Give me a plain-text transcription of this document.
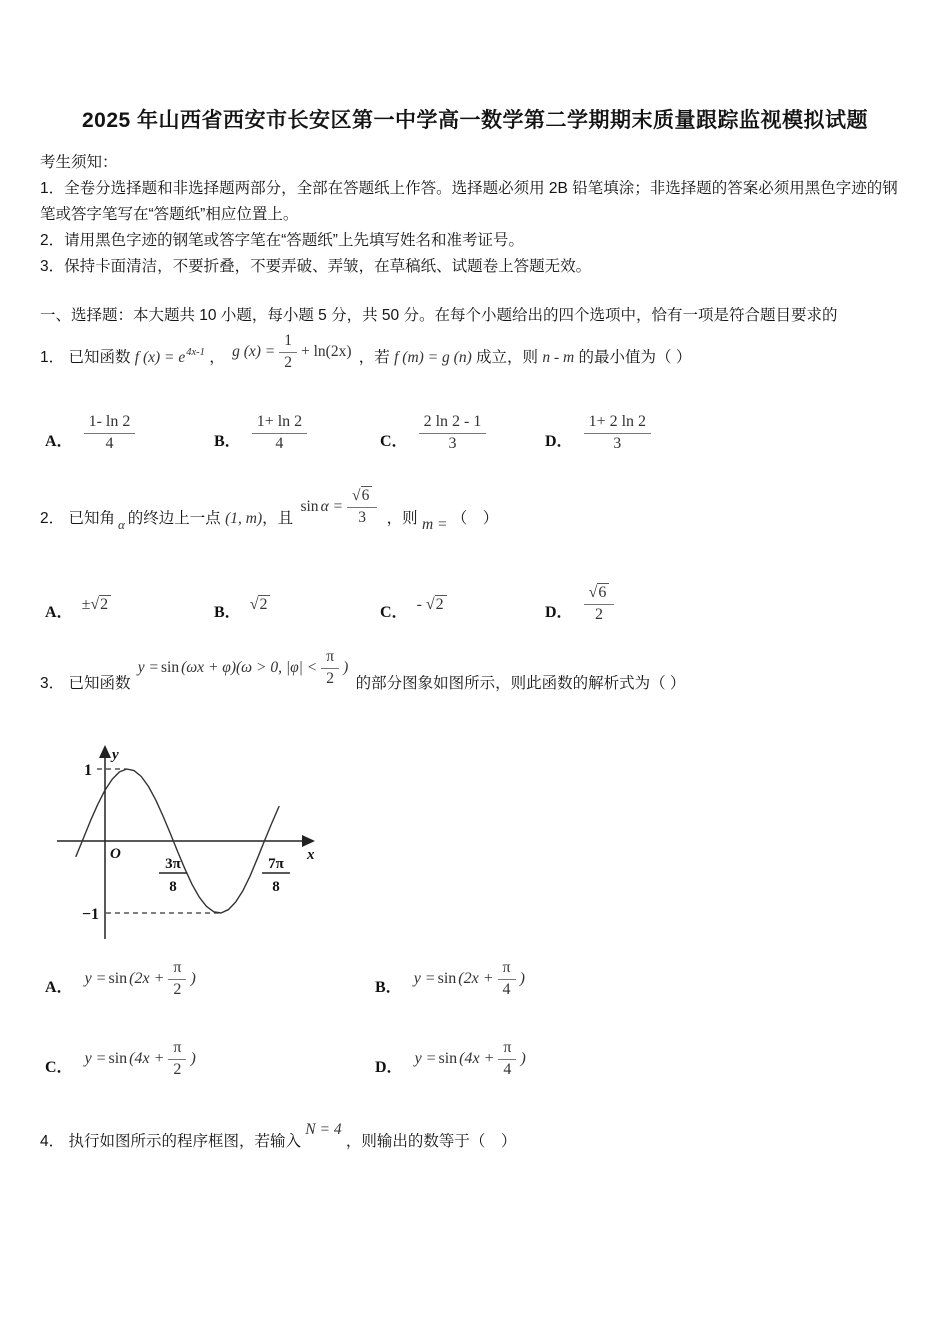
2025 年山西省西安市长安区第一中学高一数学第二学期期末质量跟踪监视模拟试题
考生须知：
1．全卷分选择题和非选择题两部分，全部在答题纸上作答。选择题必须用 2B 铅笔填涂；非选择题的答案必须用黑色字迹的钢笔或答字笔写在“答题纸”相应位置上。
2．请用黑色字迹的钢笔或答字笔在“答题纸”上先填写姓名和准考证号。
3．保持卡面清洁，不要折叠，不要弄破、弄皱，在草稿纸、试题卷上答题无效。
一、选择题：本大题共 10 小题，每小题 5 分，共 50 分。在每个小题给出的四个选项中，恰有一项是符合题目要求的
1． 已知函数 f $(x) = e^{4x-1}$ ， g $(x) = \frac{1}{2} + \ln(2x)$ ，若 f (m) = g (n) 成立，则 n - m 的最小值为（ ）
A． $\frac{1- \ln 2}{4}$	B． $\frac{1+ \ln 2}{4}$	C． $\frac{2 \ln 2 - 1}{3}$	D． $\frac{1+ 2 \ln 2}{3}$
2． 已知角 $_\alpha$ 的终边上一点 (1, m)，且
$\sin \alpha = \frac{√6}{3}$ ，则 m = （　）
A． ±√2	B． √2	C． - √2	D． $\frac{√6}{2}$
3． 已知函数
y = sin (ωx + φ)(ω > 0, $|\varphi| < \frac{\pi}{2}$ )
的部分图象如图所示，则此函数的解析式为（ ）
1
−1
y
x
O
3π
8
7π
8
A． $y = \sin (2x + \frac{\pi}{2}$ )	B． $y = \sin (2x + \frac{\pi}{4}$ )
C． $y = \sin (4x + \frac{\pi}{2}$ )	D． $y = \sin (4x + \frac{\pi}{4}$ )
4． 执行如图所示的程序框图，若输入 N = 4 ，则输出的数等于（　）
